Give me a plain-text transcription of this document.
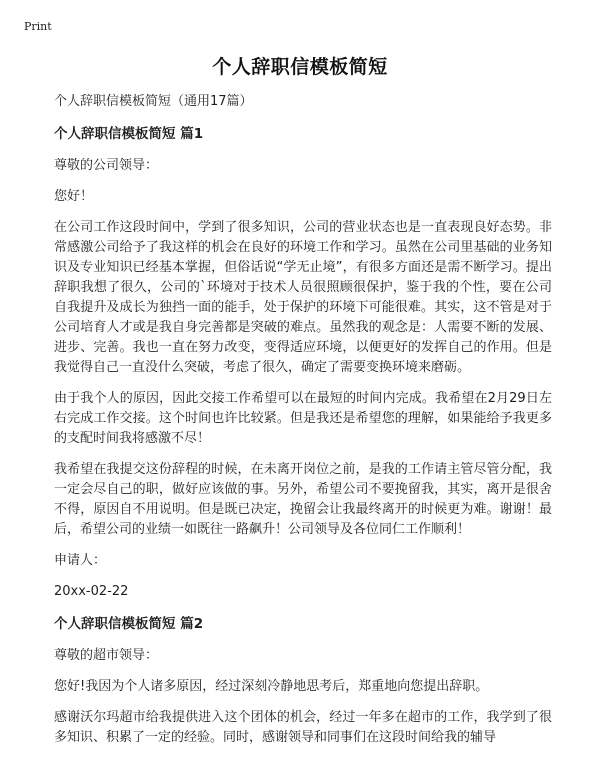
Print
个人辞职信模板简短

个人辞职信模板简短（通用17篇）

个人辞职信模板简短 篇1

尊敬的公司领导：

您好！

在公司工作这段时间中，学到了很多知识，公司的营业状态也是一直表现良好态势。非常感激公司给予了我这样的机会在良好的环境工作和学习。虽然在公司里基础的业务知识及专业知识已经基本掌握，但俗话说“学无止境”，有很多方面还是需不断学习。提出辞职我想了很久，公司的`环境对于技术人员很照顾很保护，鉴于我的个性，要在公司自我提升及成长为独挡一面的能手，处于保护的环境下可能很难。其实，这不管是对于公司培育人才或是我自身完善都是突破的难点。虽然我的观念是：人需要不断的发展、进步、完善。我也一直在努力改变，变得适应环境，以便更好的发挥自己的作用。但是我觉得自己一直没什么突破，考虑了很久，确定了需要变换环境来磨砺。

由于我个人的原因，因此交接工作希望可以在最短的时间内完成。我希望在2月29日左右完成工作交接。这个时间也许比较紧。但是我还是希望您的理解，如果能给予我更多的支配时间我将感激不尽！

我希望在我提交这份辞程的时候，在未离开岗位之前，是我的工作请主管尽管分配，我一定会尽自己的职，做好应该做的事。另外，希望公司不要挽留我，其实，离开是很舍不得，原因自不用说明。但是既已决定，挽留会让我最终离开的时候更为难。谢谢！最后，希望公司的业绩一如既往一路飙升！公司领导及各位同仁工作顺利！

申请人：

20xx-02-22

个人辞职信模板简短 篇2

尊敬的超市领导：

您好!我因为个人诸多原因，经过深刻冷静地思考后，郑重地向您提出辞职。

感谢沃尔玛超市给我提供进入这个团体的机会，经过一年多在超市的工作，我学到了很多知识、积累了一定的经验。同时，感谢领导和同事们在这段时间给我的辅导
